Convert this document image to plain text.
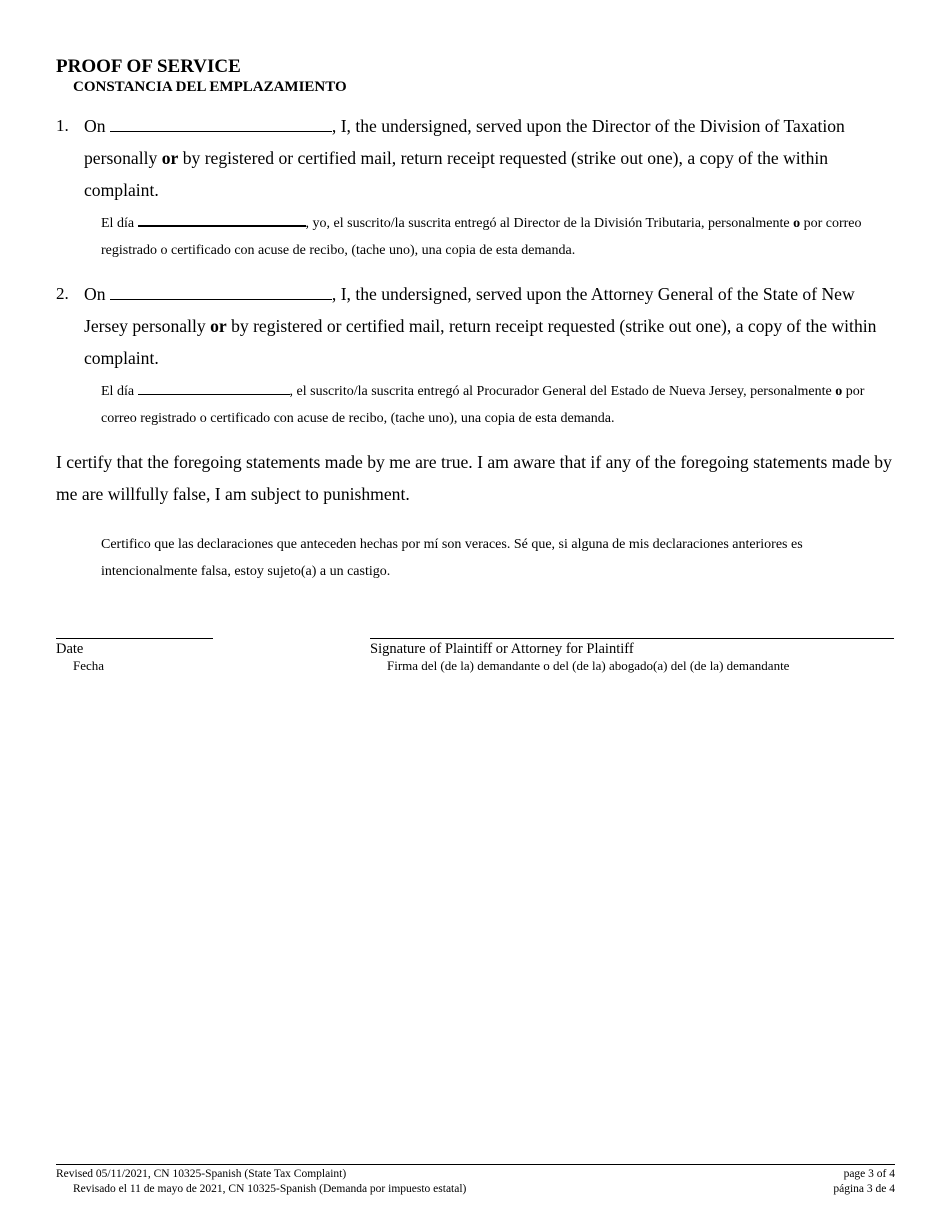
PROOF OF SERVICE
CONSTANCIA DEL EMPLAZAMIENTO
1. On	, I, the undersigned, served upon the Director of the Division of Taxation personally or by registered or certified mail, return receipt requested (strike out one), a copy of the within complaint.
El día	, yo, el suscrito/la suscrita entregó al Director de la División Tributaria, personalmente o por correo registrado o certificado con acuse de recibo, (tache uno), una copia de esta demanda.
2. On	, I, the undersigned, served upon the Attorney General of the State of New Jersey personally or by registered or certified mail, return receipt requested (strike out one), a copy of the within complaint.
El día	, el suscrito/la suscrita entregó al Procurador General del Estado de Nueva Jersey, personalmente o por correo registrado o certificado con acuse de recibo, (tache uno), una copia de esta demanda.
I certify that the foregoing statements made by me are true. I am aware that if any of the foregoing statements made by me are willfully false, I am subject to punishment.
Certifico que las declaraciones que anteceden hechas por mí son veraces. Sé que, si alguna de mis declaraciones anteriores es intencionalmente falsa, estoy sujeto(a) a un castigo.
Date
Fecha
Signature of Plaintiff or Attorney for Plaintiff
Firma del (de la) demandante o del (de la) abogado(a) del (de la) demandante
Revised 05/11/2021, CN 10325-Spanish (State Tax Complaint)
Revisado el 11 de mayo de 2021, CN 10325-Spanish (Demanda por impuesto estatal)
page 3 of 4
página 3 de 4
